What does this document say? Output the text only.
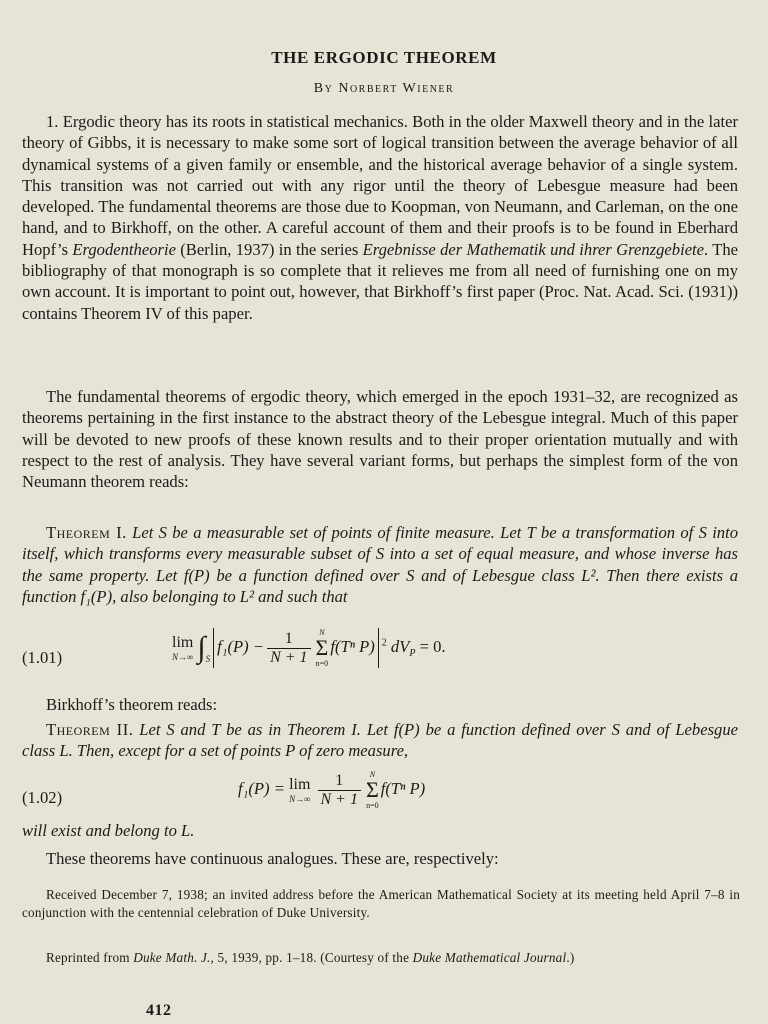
THE ERGODIC THEOREM
By Norbert Wiener
1. Ergodic theory has its roots in statistical mechanics. Both in the older Maxwell theory and in the later theory of Gibbs, it is necessary to make some sort of logical transition between the average behavior of all dynamical systems of a given family or ensemble, and the historical average behavior of a single system. This transition was not carried out with any rigor until the theory of Lebesgue measure had been developed. The fundamental theorems are those due to Koopman, von Neumann, and Carleman, on the one hand, and to Birkhoff, on the other. A careful account of them and their proofs is to be found in Eberhard Hopf’s Ergodentheorie (Berlin, 1937) in the series Ergebnisse der Mathematik und ihrer Grenzgebiete. The bibliography of that monograph is so complete that it relieves me from all need of furnishing one on my own account. It is important to point out, however, that Birkhoff’s first paper (Proc. Nat. Acad. Sci. (1931)) contains Theorem IV of this paper.
The fundamental theorems of ergodic theory, which emerged in the epoch 1931–32, are recognized as theorems pertaining in the first instance to the abstract theory of the Lebesgue integral. Much of this paper will be devoted to new proofs of these known results and to their proper orientation mutually and with respect to the rest of analysis. They have several variant forms, but perhaps the simplest form of the von Neumann theorem reads:
Theorem I. Let S be a measurable set of points of finite measure. Let T be a transformation of S into itself, which transforms every measurable subset of S into a set of equal measure, and whose inverse has the same property. Let f(P) be a function defined over S and of Lebesgue class L². Then there exists a function f₁(P), also belonging to L² and such that
(1.01)
lim
N→∞ $\int_Sf_1(P) - \frac{1}{N + 1}$ N
Σ
n=0
f(Tⁿ P) $^2$ $dV_P = 0$.
Birkhoff’s theorem reads:
Theorem II. Let S and T be as in Theorem I. Let f(P) be a function defined over S and of Lebesgue class L. Then, except for a set of points P of zero measure,
(1.02)	f₁(P) = lim
$N\to\infty \frac{1}{N + 1}$ N
Σ
n=0
f(Tⁿ P)
will exist and belong to L.
These theorems have continuous analogues. These are, respectively:
Received December 7, 1938; an invited address before the American Mathematical Society at its meeting held April 7–8 in conjunction with the centennial celebration of Duke University.
Reprinted from Duke Math. J., 5, 1939, pp. 1–18. (Courtesy of the Duke Mathematical Journal.)
412
